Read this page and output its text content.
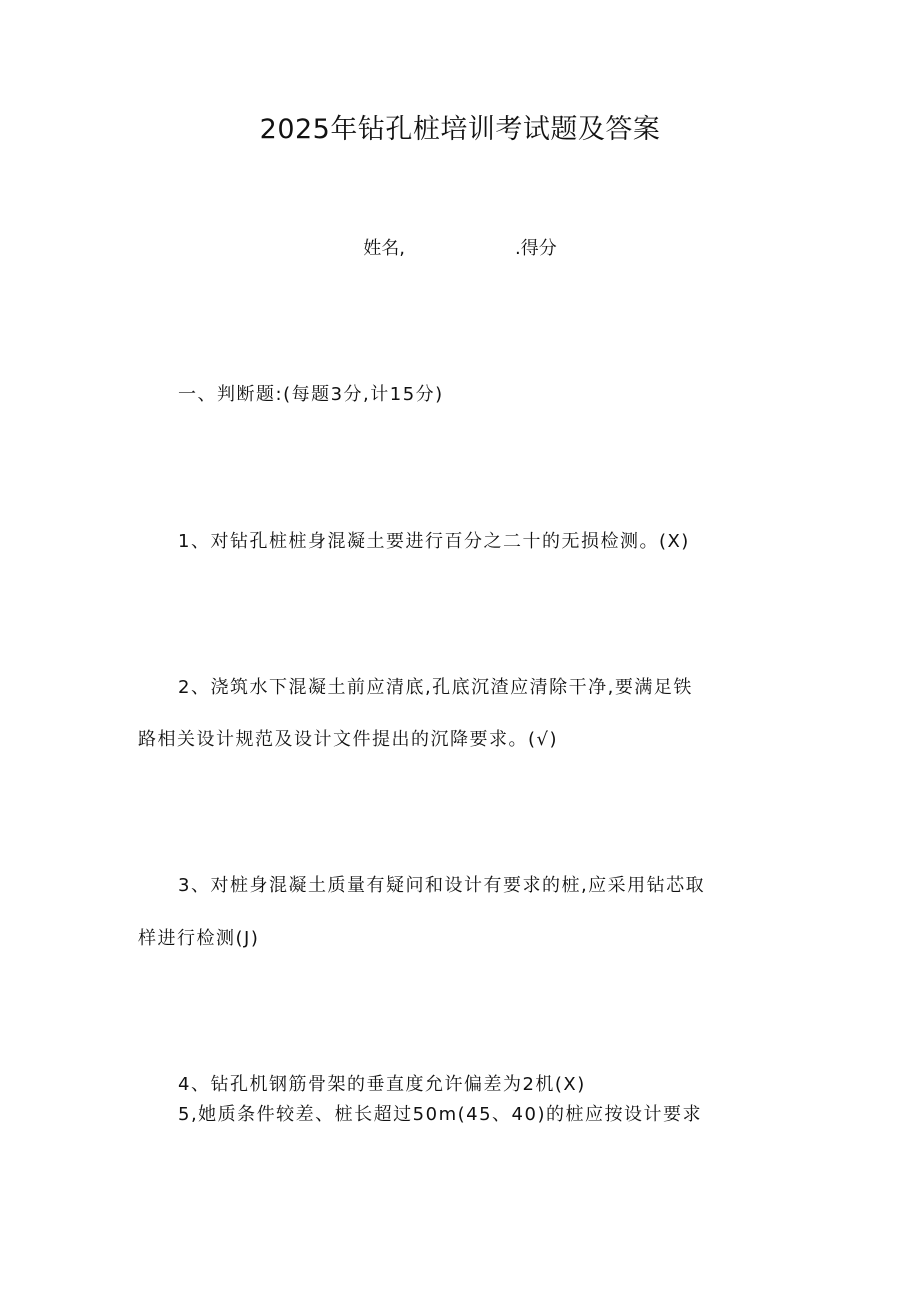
2025年钻孔桩培训考试题及答案
姓名,	.得分
一、判断题:(每题3分,计15分)
1、对钻孔桩桩身混凝土要进行百分之二十的无损检测。(X)
2、浇筑水下混凝土前应清底,孔底沉渣应清除干净,要满足铁
路相关设计规范及设计文件提出的沉降要求。(√)
3、对桩身混凝土质量有疑问和设计有要求的桩,应采用钻芯取
样进行检测(J)
4、钻孔机钢筋骨架的垂直度允许偏差为2机(X)
5,她质条件较差、桩长超过50m(45、40)的桩应按设计要求
